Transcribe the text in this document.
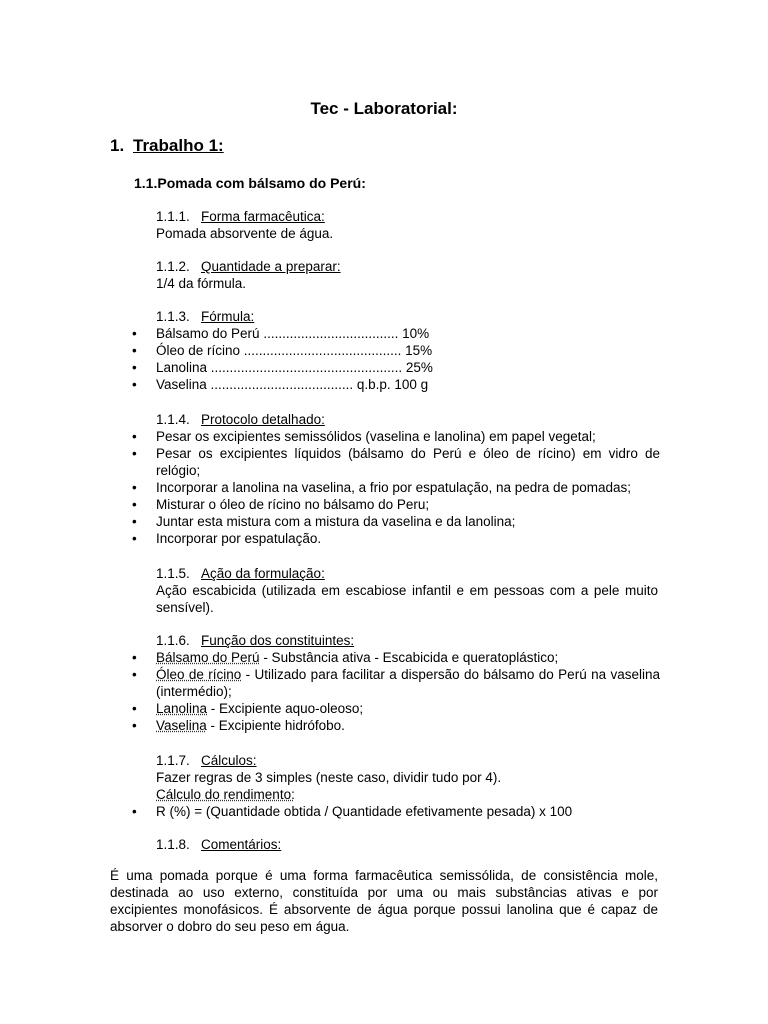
Tec - Laboratorial:
1. Trabalho 1:
1.1.Pomada com bálsamo do Perú:
1.1.1. Forma farmacêutica:
Pomada absorvente de água.
1.1.2. Quantidade a preparar:
1/4 da fórmula.
1.1.3. Fórmula:
• Bálsamo do Perú .................................... 10%
• Óleo de rícino .......................................... 15%
• Lanolina ................................................... 25%
• Vaselina ...................................... q.b.p. 100 g
1.1.4. Protocolo detalhado:
• Pesar os excipientes semissólidos (vaselina e lanolina) em papel vegetal;
• Pesar os excipientes líquidos (bálsamo do Perú e óleo de rícino) em vidro de relógio;
• Incorporar a lanolina na vaselina, a frio por espatulação, na pedra de pomadas;
• Misturar o óleo de rícino no bálsamo do Peru;
• Juntar esta mistura com a mistura da vaselina e da lanolina;
• Incorporar por espatulação.
1.1.5. Ação da formulação:
Ação escabicida (utilizada em escabiose infantil e em pessoas com a pele muito sensível).
1.1.6. Função dos constituintes:
• Bálsamo do Perú - Substância ativa - Escabicida e queratoplástico;
• Óleo de rícino - Utilizado para facilitar a dispersão do bálsamo do Perú na vaselina (intermédio);
• Lanolina - Excipiente aquo-oleoso;
• Vaselina - Excipiente hidrófobo.
1.1.7. Cálculos:
Fazer regras de 3 simples (neste caso, dividir tudo por 4).
Cálculo do rendimento:
• R (%) = (Quantidade obtida / Quantidade efetivamente pesada) x 100
1.1.8. Comentários:
É uma pomada porque é uma forma farmacêutica semissólida, de consistência mole, destinada ao uso externo, constituída por uma ou mais substâncias ativas e por excipientes monofásicos. É absorvente de água porque possui lanolina que é capaz de absorver o dobro do seu peso em água.
